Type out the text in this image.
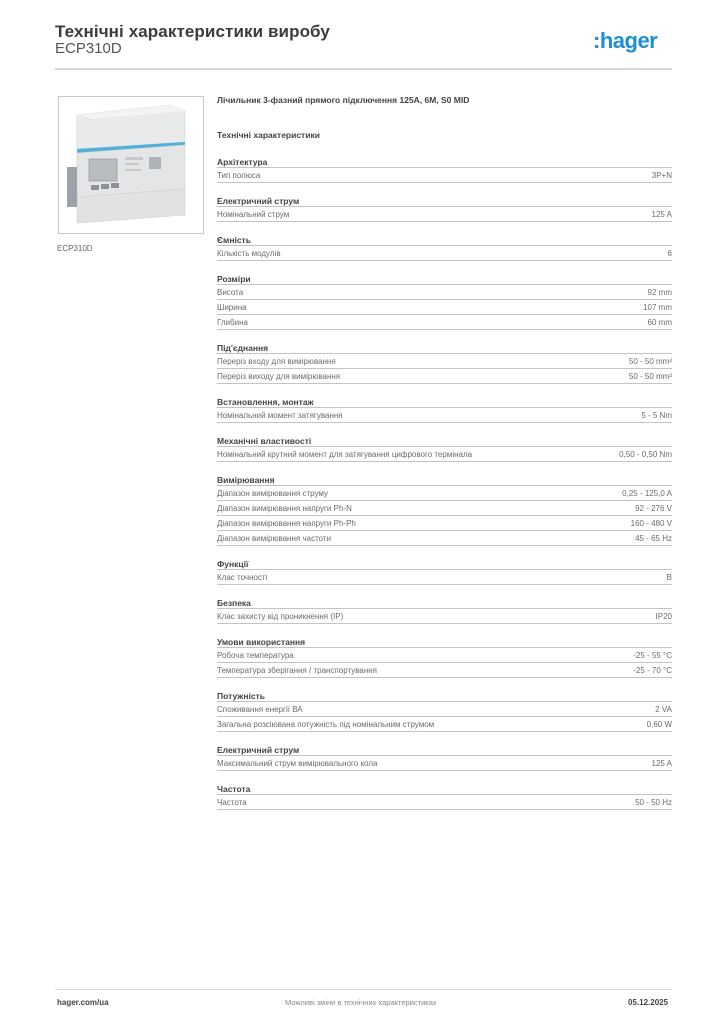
Технічні характеристики виробу
ECP310D	:hager
ECP310D
Лічильник 3-фазний прямого підключення 125A, 6M, S0 MID
Технічні характеристики
Архітектура
Тип полюса	3P+N
Електричний струм
Номінальний струм	125 A
Ємність
Кількість модулів	6
Розміри
Висота	92 mm
Ширина	107 mm
Глибина	60 mm
Під'єднання
Переріз входу для вимірювання	50 - 50 mm²
Переріз виходу для вимірювання	50 - 50 mm²
Встановлення, монтаж
Номінальний момент затягування	5 - 5 Nm
Механічні властивості
Номінальний крутний момент для затягування цифрового термінала	0,50 - 0,50 Nm
Вимірювання
Діапазон вимірювання струму	0,25 - 125,0 A
Діапазон вимірювання напруги Ph-N	92 - 276 V
Діапазон вимірювання напруги Ph-Ph	160 - 480 V
Діапазон вимірювання частоти	45 - 65 Hz
Функції
Клас точності	B
Безпека
Клас захисту від проникнення (IP)	IP20
Умови використання
Робоча температура	-25 - 55 °C
Температура зберігання / транспортування	-25 - 70 °C
Потужність
Споживання енергії ВА	2 VA
Загальна розсіювана потужність під номінальним струмом	0,60 W
Електричний струм
Максимальний струм вимірювального кола	125 A
Частота
Частота	50 - 50 Hz
hager.com/ua	Можливі зміни в технічних характеристиках	05.12.2025
